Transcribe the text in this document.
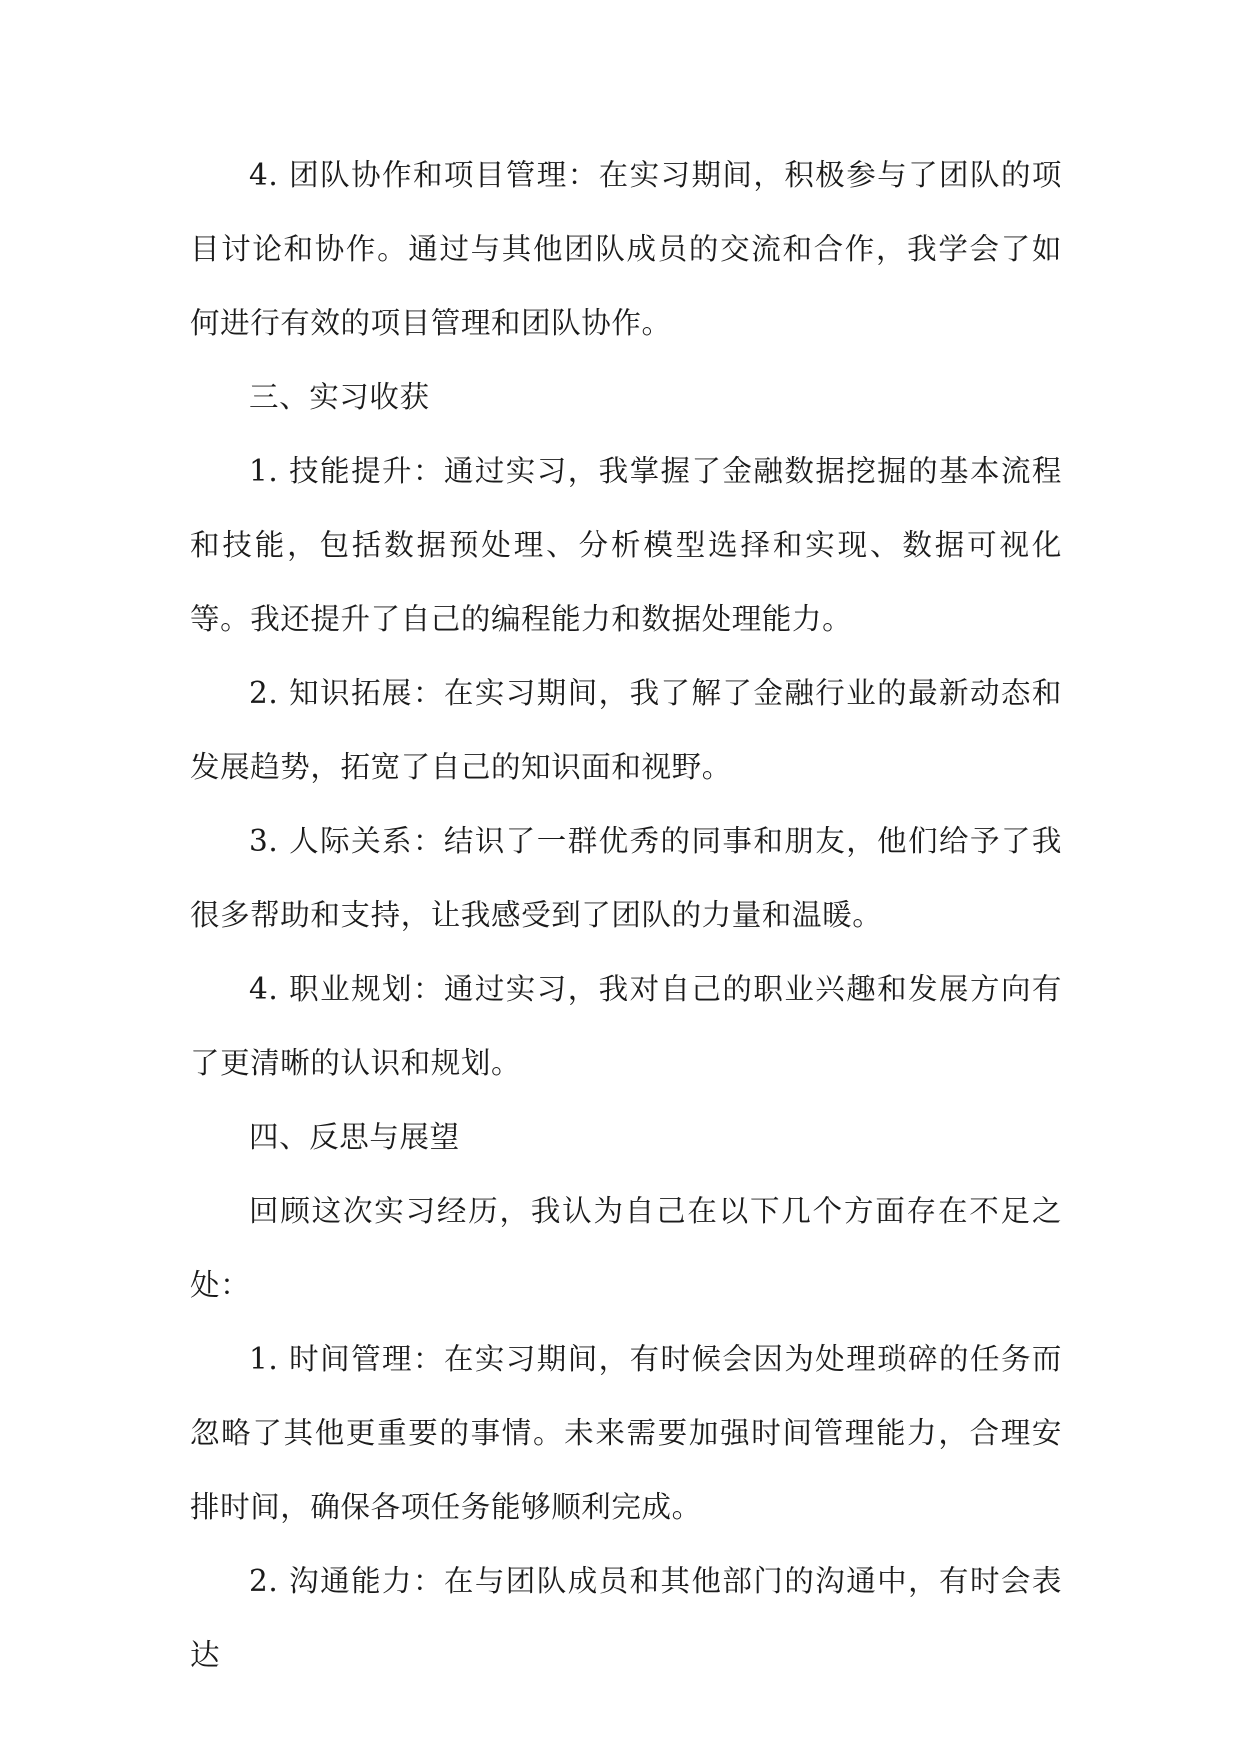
4. 团队协作和项目管理：在实习期间，积极参与了团队的项目讨论和协作。通过与其他团队成员的交流和合作，我学会了如何进行有效的项目管理和团队协作。

三、实习收获

1. 技能提升：通过实习，我掌握了金融数据挖掘的基本流程和技能，包括数据预处理、分析模型选择和实现、数据可视化等。我还提升了自己的编程能力和数据处理能力。

2. 知识拓展：在实习期间，我了解了金融行业的最新动态和发展趋势，拓宽了自己的知识面和视野。

3. 人际关系：结识了一群优秀的同事和朋友，他们给予了我很多帮助和支持，让我感受到了团队的力量和温暖。

4. 职业规划：通过实习，我对自己的职业兴趣和发展方向有了更清晰的认识和规划。

四、反思与展望

回顾这次实习经历，我认为自己在以下几个方面存在不足之处：

1. 时间管理：在实习期间，有时候会因为处理琐碎的任务而忽略了其他更重要的事情。未来需要加强时间管理能力，合理安排时间，确保各项任务能够顺利完成。

2. 沟通能力：在与团队成员和其他部门的沟通中，有时会表达
